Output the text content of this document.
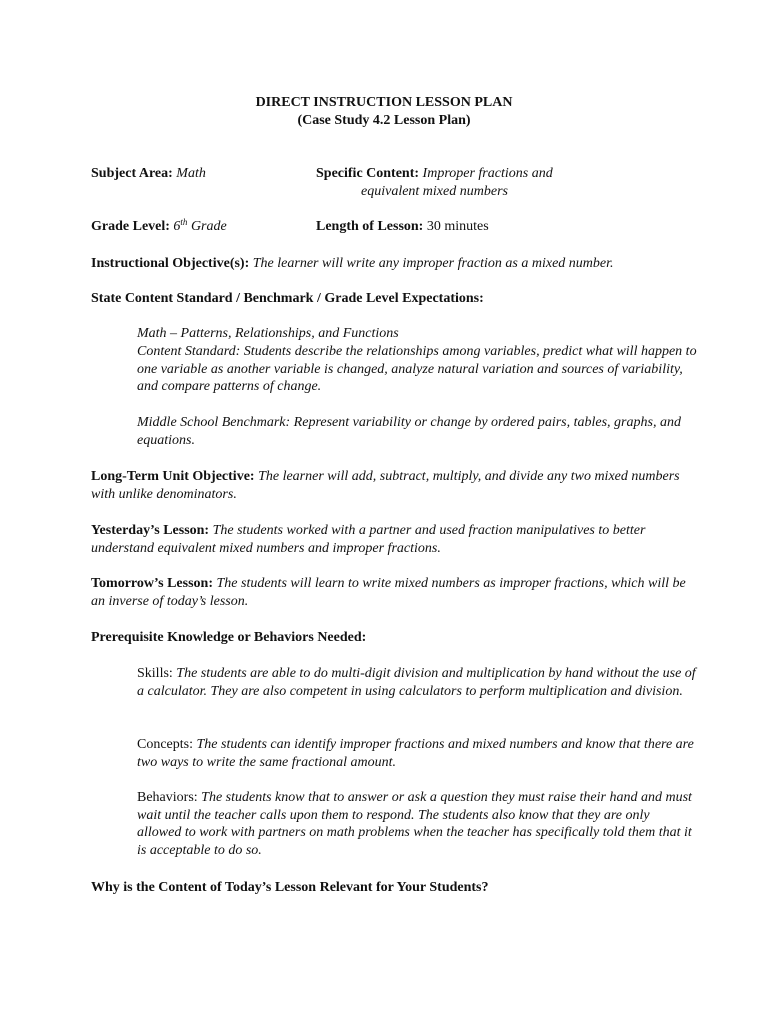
DIRECT INSTRUCTION LESSON PLAN
(Case Study 4.2 Lesson Plan)
Subject Area: Math	Specific Content: Improper fractions and
equivalent mixed numbers
Grade Level: 6th Grade	Length of Lesson: 30 minutes
Instructional Objective(s): The learner will write any improper fraction as a mixed number.
State Content Standard / Benchmark / Grade Level Expectations:
Math – Patterns, Relationships, and Functions
Content Standard: Students describe the relationships among variables, predict what will happen to one variable as another variable is changed, analyze natural variation and sources of variability, and compare patterns of change.
Middle School Benchmark: Represent variability or change by ordered pairs, tables, graphs, and equations.
Long-Term Unit Objective: The learner will add, subtract, multiply, and divide any two mixed numbers with unlike denominators.
Yesterday’s Lesson: The students worked with a partner and used fraction manipulatives to better understand equivalent mixed numbers and improper fractions.
Tomorrow’s Lesson: The students will learn to write mixed numbers as improper fractions, which will be an inverse of today’s lesson.
Prerequisite Knowledge or Behaviors Needed:
Skills: The students are able to do multi-digit division and multiplication by hand without the use of a calculator. They are also competent in using calculators to perform multiplication and division.
Concepts: The students can identify improper fractions and mixed numbers and know that there are two ways to write the same fractional amount.
Behaviors: The students know that to answer or ask a question they must raise their hand and must wait until the teacher calls upon them to respond. The students also know that they are only allowed to work with partners on math problems when the teacher has specifically told them that it is acceptable to do so.
Why is the Content of Today’s Lesson Relevant for Your Students?
